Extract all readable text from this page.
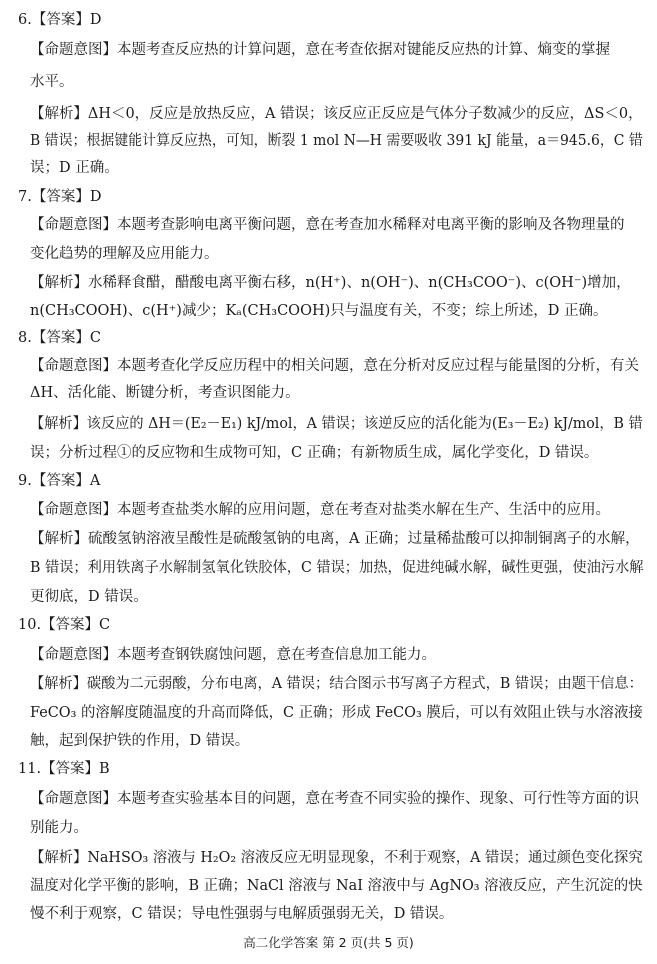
6.【答案】D
【命题意图】本题考查反应热的计算问题，意在考查依据对键能反应热的计算、熵变的掌握
水平。
【解析】ΔH＜0，反应是放热反应，A 错误；该反应正反应是气体分子数减少的反应，ΔS＜0，
B 错误；根据键能计算反应热，可知，断裂 1 mol N—H 需要吸收 391 kJ 能量，a＝945.6，C 错
误；D 正确。
7.【答案】D
【命题意图】本题考查影响电离平衡问题，意在考查加水稀释对电离平衡的影响及各物理量的
变化趋势的理解及应用能力。
【解析】水稀释食醋，醋酸电离平衡右移，n(H⁺)、n(OH⁻)、n(CH₃COO⁻)、c(OH⁻)增加，
n(CH₃COOH)、c(H⁺)减少；Kₐ(CH₃COOH)只与温度有关，不变；综上所述，D 正确。
8.【答案】C
【命题意图】本题考查化学反应历程中的相关问题，意在分析对反应过程与能量图的分析，有关
ΔH、活化能、断键分析，考查识图能力。
【解析】该反应的 ΔH＝(E₂－E₁) kJ/mol，A 错误；该逆反应的活化能为(E₃－E₂) kJ/mol，B 错
误；分析过程①的反应物和生成物可知，C 正确；有新物质生成，属化学变化，D 错误。
9.【答案】A
【命题意图】本题考查盐类水解的应用问题，意在考查对盐类水解在生产、生活中的应用。
【解析】硫酸氢钠溶液呈酸性是硫酸氢钠的电离，A 正确；过量稀盐酸可以抑制铜离子的水解，
B 错误；利用铁离子水解制氢氧化铁胶体，C 错误；加热，促进纯碱水解，碱性更强，使油污水解
更彻底，D 错误。
10.【答案】C
【命题意图】本题考查钢铁腐蚀问题，意在考查信息加工能力。
【解析】碳酸为二元弱酸，分布电离，A 错误；结合图示书写离子方程式，B 错误；由题干信息：
FeCO₃ 的溶解度随温度的升高而降低，C 正确；形成 FeCO₃ 膜后，可以有效阻止铁与水溶液接
触，起到保护铁的作用，D 错误。
11.【答案】B
【命题意图】本题考查实验基本目的问题，意在考查不同实验的操作、现象、可行性等方面的识
别能力。
【解析】NaHSO₃ 溶液与 H₂O₂ 溶液反应无明显现象，不利于观察，A 错误；通过颜色变化探究
温度对化学平衡的影响，B 正确；NaCl 溶液与 NaI 溶液中与 AgNO₃ 溶液反应，产生沉淀的快
慢不利于观察，C 错误；导电性强弱与电解质强弱无关，D 错误。
高二化学答案 第 2 页(共 5 页)
